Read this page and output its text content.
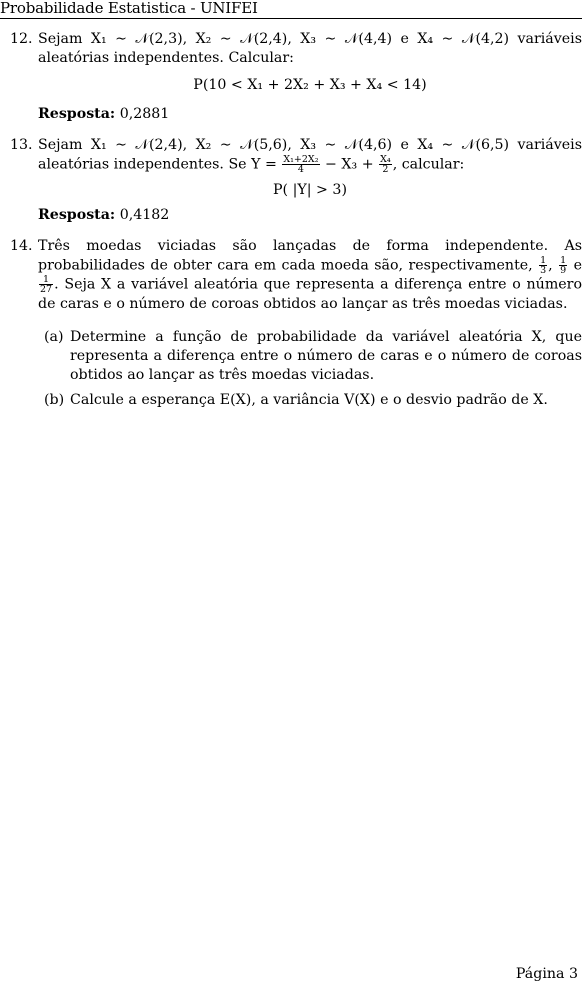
Probabilidade Estatistica - UNIFEI
12. Sejam X₁ ∼ 𝒩(2,3), X₂ ∼ 𝒩(2,4), X₃ ∼ 𝒩(4,4) e X₄ ∼ 𝒩(4,2) variáveis aleatórias independentes. Calcular:
P(10 < X₁ + 2X₂ + X₃ + X₄ < 14)
Resposta: 0,2881
13. Sejam X₁ ∼ 𝒩(2,4), X₂ ∼ 𝒩(5,6), X₃ ∼ 𝒩(4,6) e X₄ ∼ 𝒩(6,5) variáveis aleatórias independentes. Se $Y = \frac{\text{X₁+2X₂}}{4} - X_3 + \frac{\text{X₄}}{2}$ , calcular:
P( |Y| > 3)
Resposta: 0,4182
14. Três moedas viciadas são lançadas de forma independente. As probabilidades de obter cara em cada moeda são, respectivamente, $\frac{1}{3}$ , $\frac{1}{9}$ e
$\frac{1}{27}$ . Seja X a variável aleatória que representa a diferença entre o número de caras e o número de coroas obtidos ao lançar as três moedas viciadas.
(a) Determine a função de probabilidade da variável aleatória X, que representa a diferença entre o número de caras e o número de coroas obtidos ao lançar as três moedas viciadas.
(b) Calcule a esperança E(X), a variância V(X) e o desvio padrão de X.
Página 3
